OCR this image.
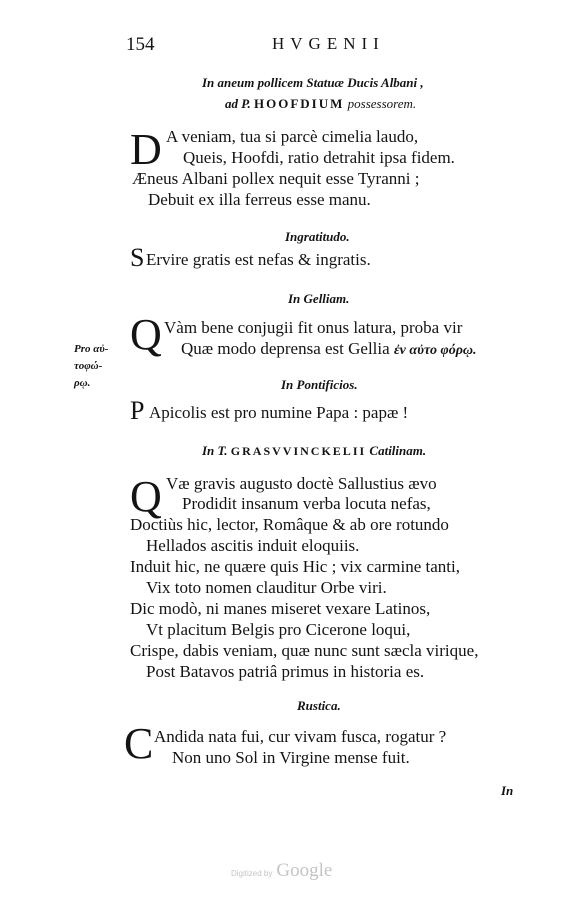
154	HVGENII
In aneum pollicem Statuæ Ducis Albani ,
ad P. HOOFDIUM possessorem.
D A veniam, tua si parcè cimelia laudo,
Queis, Hoofdi, ratio detrahit ipsa fidem.
Æneus Albani pollex nequit esse Tyranni ;
Debuit ex illa ferreus esse manu.
Ingratitudo.
S Ervire gratis est nefas & ingratis.
In Gelliam.
Q Vàm bene conjugii fit onus latura, proba vir
Quæ modo deprensa est Gellia ἐν αὐτο φόρῳ.
Pro αὐ-
τοφώ-
ρῳ.	In Pontificios.
P Apicolis est pro numine Papa : papæ !
In T. GRASVVINCKELII Catilinam.
Q Væ gravis augusto doctè Sallustius ævo
Prodidit insanum verba locuta nefas,
Doctiùs hic, lector, Româque & ab ore rotundo
Hellados ascitis induit eloquiis.
Induit hic, ne quære quis Hic ; vix carmine tanti,
Vix toto nomen clauditur Orbe viri.
Dic modò, ni manes miseret vexare Latinos,
Vt placitum Belgis pro Cicerone loqui,
Crispe, dabis veniam, quæ nunc sunt sæcla virique,
Post Batavos patriâ primus in historia es.
Rustica.
C Andida nata fui, cur vivam fusca, rogatur ?
Non uno Sol in Virgine mense fuit.
In
Digitized by Google
